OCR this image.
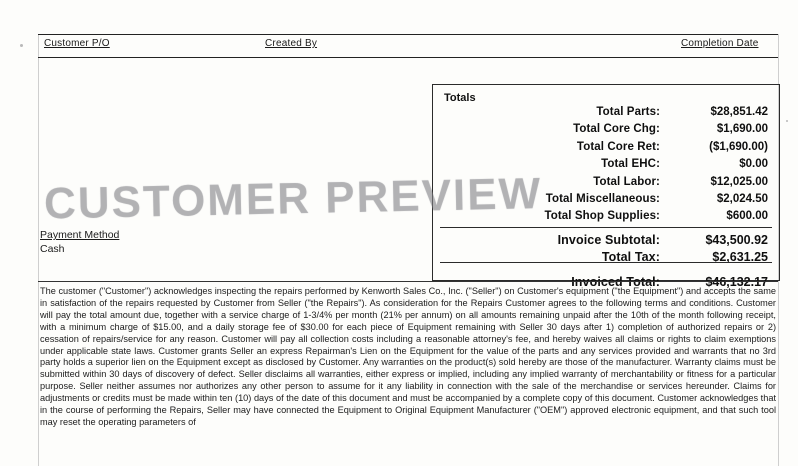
Customer P/O	Created By	Completion Date
Totals
Total Parts:	$28,851.42
Total Core Chg:	$1,690.00
Total Core Ret:	($1,690.00)
Total EHC:	$0.00
Total Labor:	$12,025.00
Total Miscellaneous:	$2,024.50
Total Shop Supplies:	$600.00
Invoice Subtotal:	$43,500.92
Total Tax:	$2,631.25
Invoiced Total:	$46,132.17
Payment Method
Cash
CUSTOMER PREVIEW

The customer ("Customer") acknowledges inspecting the repairs performed by Kenworth Sales Co., Inc. ("Seller") on Customer's equipment ("the Equipment") and accepts the same in satisfaction of the repairs requested by Customer from Seller ("the Repairs"). As consideration for the Repairs Customer agrees to the following terms and conditions. Customer will pay the total amount due, together with a service charge of 1-3/4% per month (21% per annum) on all amounts remaining unpaid after the 10th of the month following receipt, with a minimum charge of $15.00, and a daily storage fee of $30.00 for each piece of Equipment remaining with Seller 30 days after 1) completion of authorized repairs or 2) cessation of repairs/service for any reason. Customer will pay all collection costs including a reasonable attorney's fee, and hereby waives all claims or rights to claim exemptions under applicable state laws. Customer grants Seller an express Repairman's Lien on the Equipment for the value of the parts and any services provided and warrants that no 3rd party holds a superior lien on the Equipment except as disclosed by Customer. Any warranties on the product(s) sold hereby are those of the manufacturer. Warranty claims must be submitted within 30 days of discovery of defect. Seller disclaims all warranties, either express or implied, including any implied warranty of merchantability or fitness for a particular purpose. Seller neither assumes nor authorizes any other person to assume for it any liability in connection with the sale of the merchandise or services hereunder. Claims for adjustments or credits must be made within ten (10) days of the date of this document and must be accompanied by a complete copy of this document. Customer acknowledges that in the course of performing the Repairs, Seller may have connected the Equipment to Original Equipment Manufacturer ("OEM") approved electronic equipment, and that such tool may reset the operating parameters of
